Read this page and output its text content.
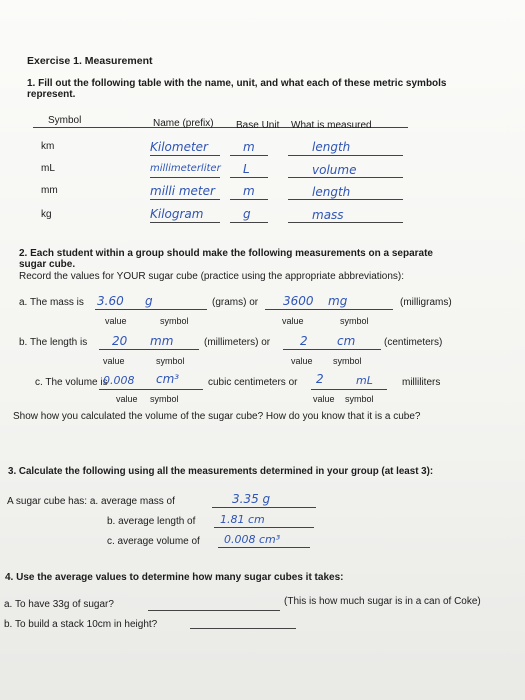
Exercise 1. Measurement
1. Fill out the following table with the name, unit, and what each of these metric symbols
represent.
Symbol	Name (prefix) Base Unit What is measured
km	Kilometer	m	length
mL	millimeterliter L	volume
mm	milli meter m	length
kg	Kilogram	g	mass
2. Each student within a group should make the following measurements on a separate
sugar cube.
Record the values for YOUR sugar cube (practice using the appropriate abbreviations):
a. The mass is 3.60 g	(grams) or 3600 mg	(milligrams)
value	symbol	value	symbol
b. The length is 20 mm	(millimeters) or 2 cm	(centimeters)
value	symbol	value symbol
c. The volume is
0.008 cm³	cubic centimeters or 2	mL	milliliters
value symbol	value symbol
Show how you calculated the volume of the sugar cube? How do you know that it is a cube?
3. Calculate the following using all the measurements determined in your group (at least 3):
A sugar cube has: a. average mass of	3.35 g
b. average length of 1.81 cm
c. average volume of 0.008 cm³
4. Use the average values to determine how many sugar cubes it takes:
a. To have 33g of sugar?	(This is how much sugar is in a can of Coke)
b. To build a stack 10cm in height?
